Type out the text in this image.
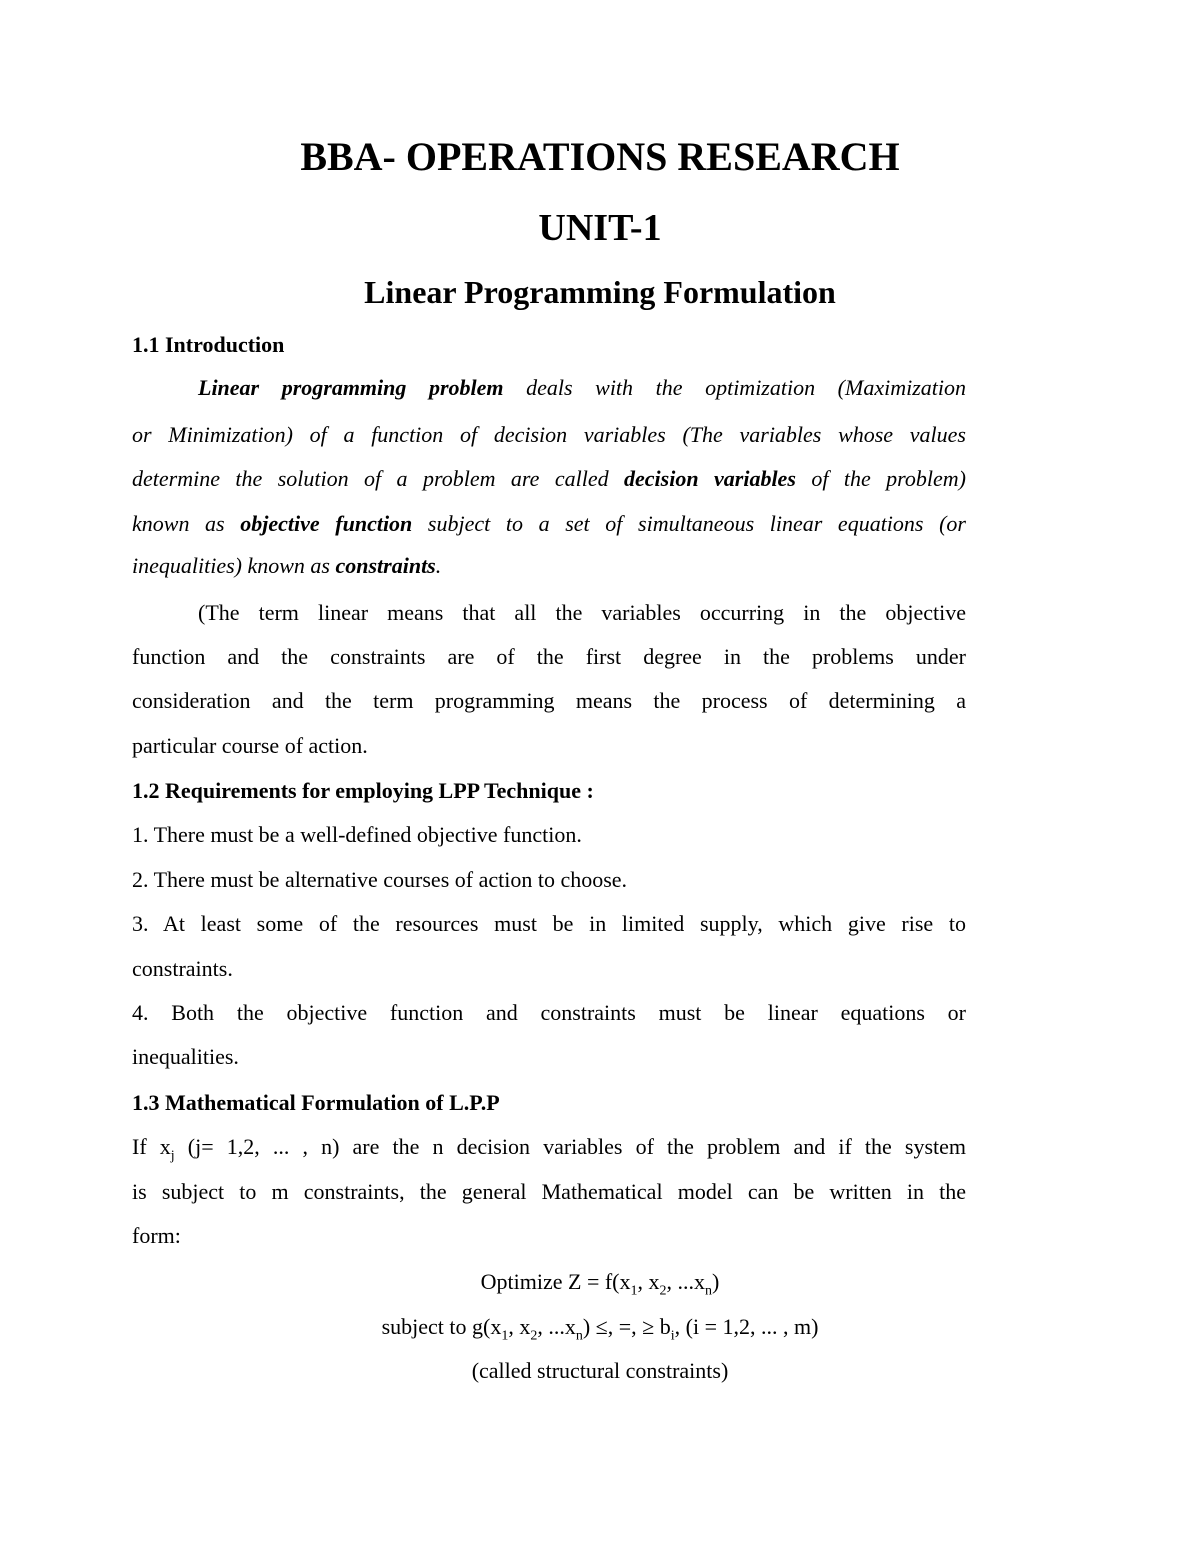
BBA- OPERATIONS RESEARCH
UNIT-1
Linear Programming Formulation
1.1 Introduction
Linear programming problem deals with the optimization (Maximization
or Minimization) of a function of decision variables (The variables whose values
determine the solution of a problem are called decision variables of the problem)
known as objective function subject to a set of simultaneous linear equations (or
inequalities) known as constraints.
(The term linear means that all the variables occurring in the objective
function and the constraints are of the first degree in the problems under
consideration and the term programming means the process of determining a
particular course of action.
1.2 Requirements for employing LPP Technique :
1. There must be a well-defined objective function.
2. There must be alternative courses of action to choose.
3. At least some of the resources must be in limited supply, which give rise to
constraints.
4. Both the objective function and constraints must be linear equations or
inequalities.
1.3 Mathematical Formulation of L.P.P
If $x_j$ (j= 1,2, ... , n) are the n decision variables of the problem and if the system
is subject to m constraints, the general Mathematical model can be written in the
form:
Optimize $Z = f(x_1$, $x_2$, $...x_n$)
subject to $g(x_1$, $x_2$, $...x_n$) ≤, =, ≥ $b_i$, (i = 1,2, ... , m)
(called structural constraints)
